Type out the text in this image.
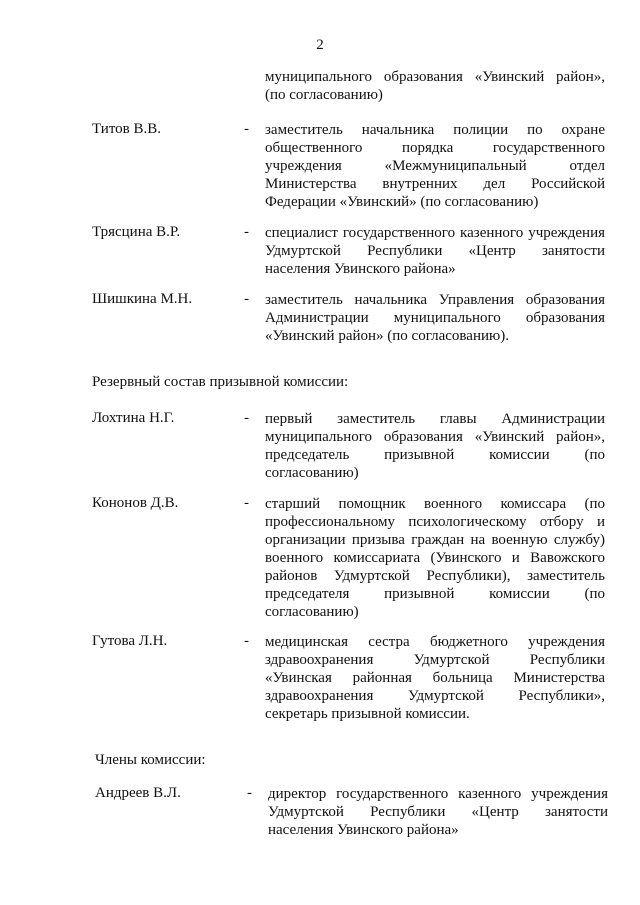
2
муниципального образования «Увинский район»,
(по согласованию)
Титов В.В.	- заместитель начальника полиции по охране
общественного порядка государственного
учреждения «Межмуниципальный отдел
Министерства внутренних дел Российской
Федерации «Увинский» (по согласованию)
Трясцина В.Р.	- специалист государственного казенного учреждения
Удмуртской Республики «Центр занятости
населения Увинского района»
Шишкина М.Н.	- заместитель начальника Управления образования
Администрации муниципального образования
«Увинский район» (по согласованию).
Резервный состав призывной комиссии:
Лохтина Н.Г.	- первый заместитель главы Администрации
муниципального образования «Увинский район»,
председатель призывной комиссии (по
согласованию)
Кононов Д.В.	- старший помощник военного комиссара (по
профессиональному психологическому отбору и
организации призыва граждан на военную службу)
военного комиссариата (Увинского и Вавожского
районов Удмуртской Республики), заместитель
председателя призывной комиссии (по
согласованию)
Гутова Л.Н.	- медицинская сестра бюджетного учреждения
здравоохранения Удмуртской Республики
«Увинская районная больница Министерства
здравоохранения Удмуртской Республики»,
секретарь призывной комиссии.
Члены комиссии:
Андреев В.Л.	- директор государственного казенного учреждения
Удмуртской Республики «Центр занятости
населения Увинского района»
